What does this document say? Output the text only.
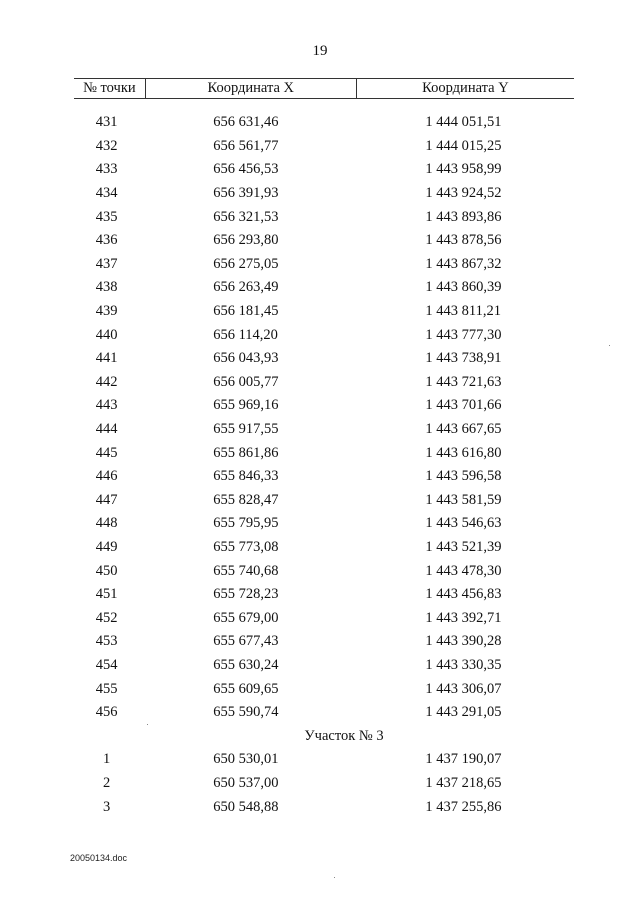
19
№ точки	Координата X	Координата Y

431	656 631,46	1 444 051,51
432	656 561,77	1 444 015,25
433	656 456,53	1 443 958,99
434	656 391,93	1 443 924,52
435	656 321,53	1 443 893,86
436	656 293,80	1 443 878,56
437	656 275,05	1 443 867,32
438	656 263,49	1 443 860,39
439	656 181,45	1 443 811,21
440	656 114,20	1 443 777,30
441	656 043,93	1 443 738,91
442	656 005,77	1 443 721,63
443	655 969,16	1 443 701,66
444	655 917,55	1 443 667,65
445	655 861,86	1 443 616,80
446	655 846,33	1 443 596,58
447	655 828,47	1 443 581,59
448	655 795,95	1 443 546,63
449	655 773,08	1 443 521,39
450	655 740,68	1 443 478,30
451	655 728,23	1 443 456,83
452	655 679,00	1 443 392,71
453	655 677,43	1 443 390,28
454	655 630,24	1 443 330,35
455	655 609,65	1 443 306,07
456	655 590,74	1 443 291,05
Участок № 3		
1	650 530,01	1 437 190,07
2	650 537,00	1 437 218,65
3	650 548,88	1 437 255,86
20050134.doc
